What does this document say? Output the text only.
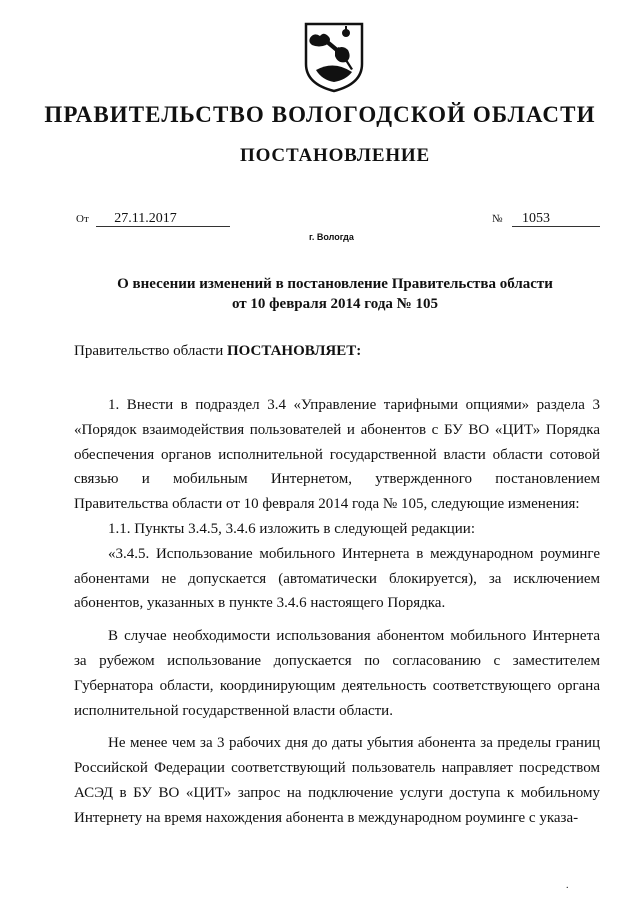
ПРАВИТЕЛЬСТВО ВОЛОГОДСКОЙ ОБЛАСТИ
ПОСТАНОВЛЕНИЕ
От 27.11.2017	№ 1053
г. Вологда
О внесении изменений в постановление Правительства области
от 10 февраля 2014 года № 105
Правительство области ПОСТАНОВЛЯЕТ:

1. Внести в подраздел 3.4 «Управление тарифными опциями» раздела 3 «Порядок взаимодействия пользователей и абонентов с БУ ВО «ЦИТ» Порядка обеспечения органов исполнительной государственной власти области сотовой связью и мобильным Интернетом, утвержденного постановлением Правительства области от 10 февраля 2014 года № 105, следующие изменения:

1.1. Пункты 3.4.5, 3.4.6 изложить в следующей редакции:

«3.4.5. Использование мобильного Интернета в международном роуминге абонентами не допускается (автоматически блокируется), за исключением абонентов, указанных в пункте 3.4.6 настоящего Порядка.

В случае необходимости использования абонентом мобильного Интернета за рубежом использование допускается по согласованию с заместителем Губернатора области, координирующим деятельность соответствующего органа исполнительной государственной власти области.

Не менее чем за 3 рабочих дня до даты убытия абонента за пределы границ Российской Федерации соответствующий пользователь направляет посредством АСЭД в БУ ВО «ЦИТ» запрос на подключение услуги доступа к мобильному Интернету на время нахождения абонента в международном роуминге с указа-

.
